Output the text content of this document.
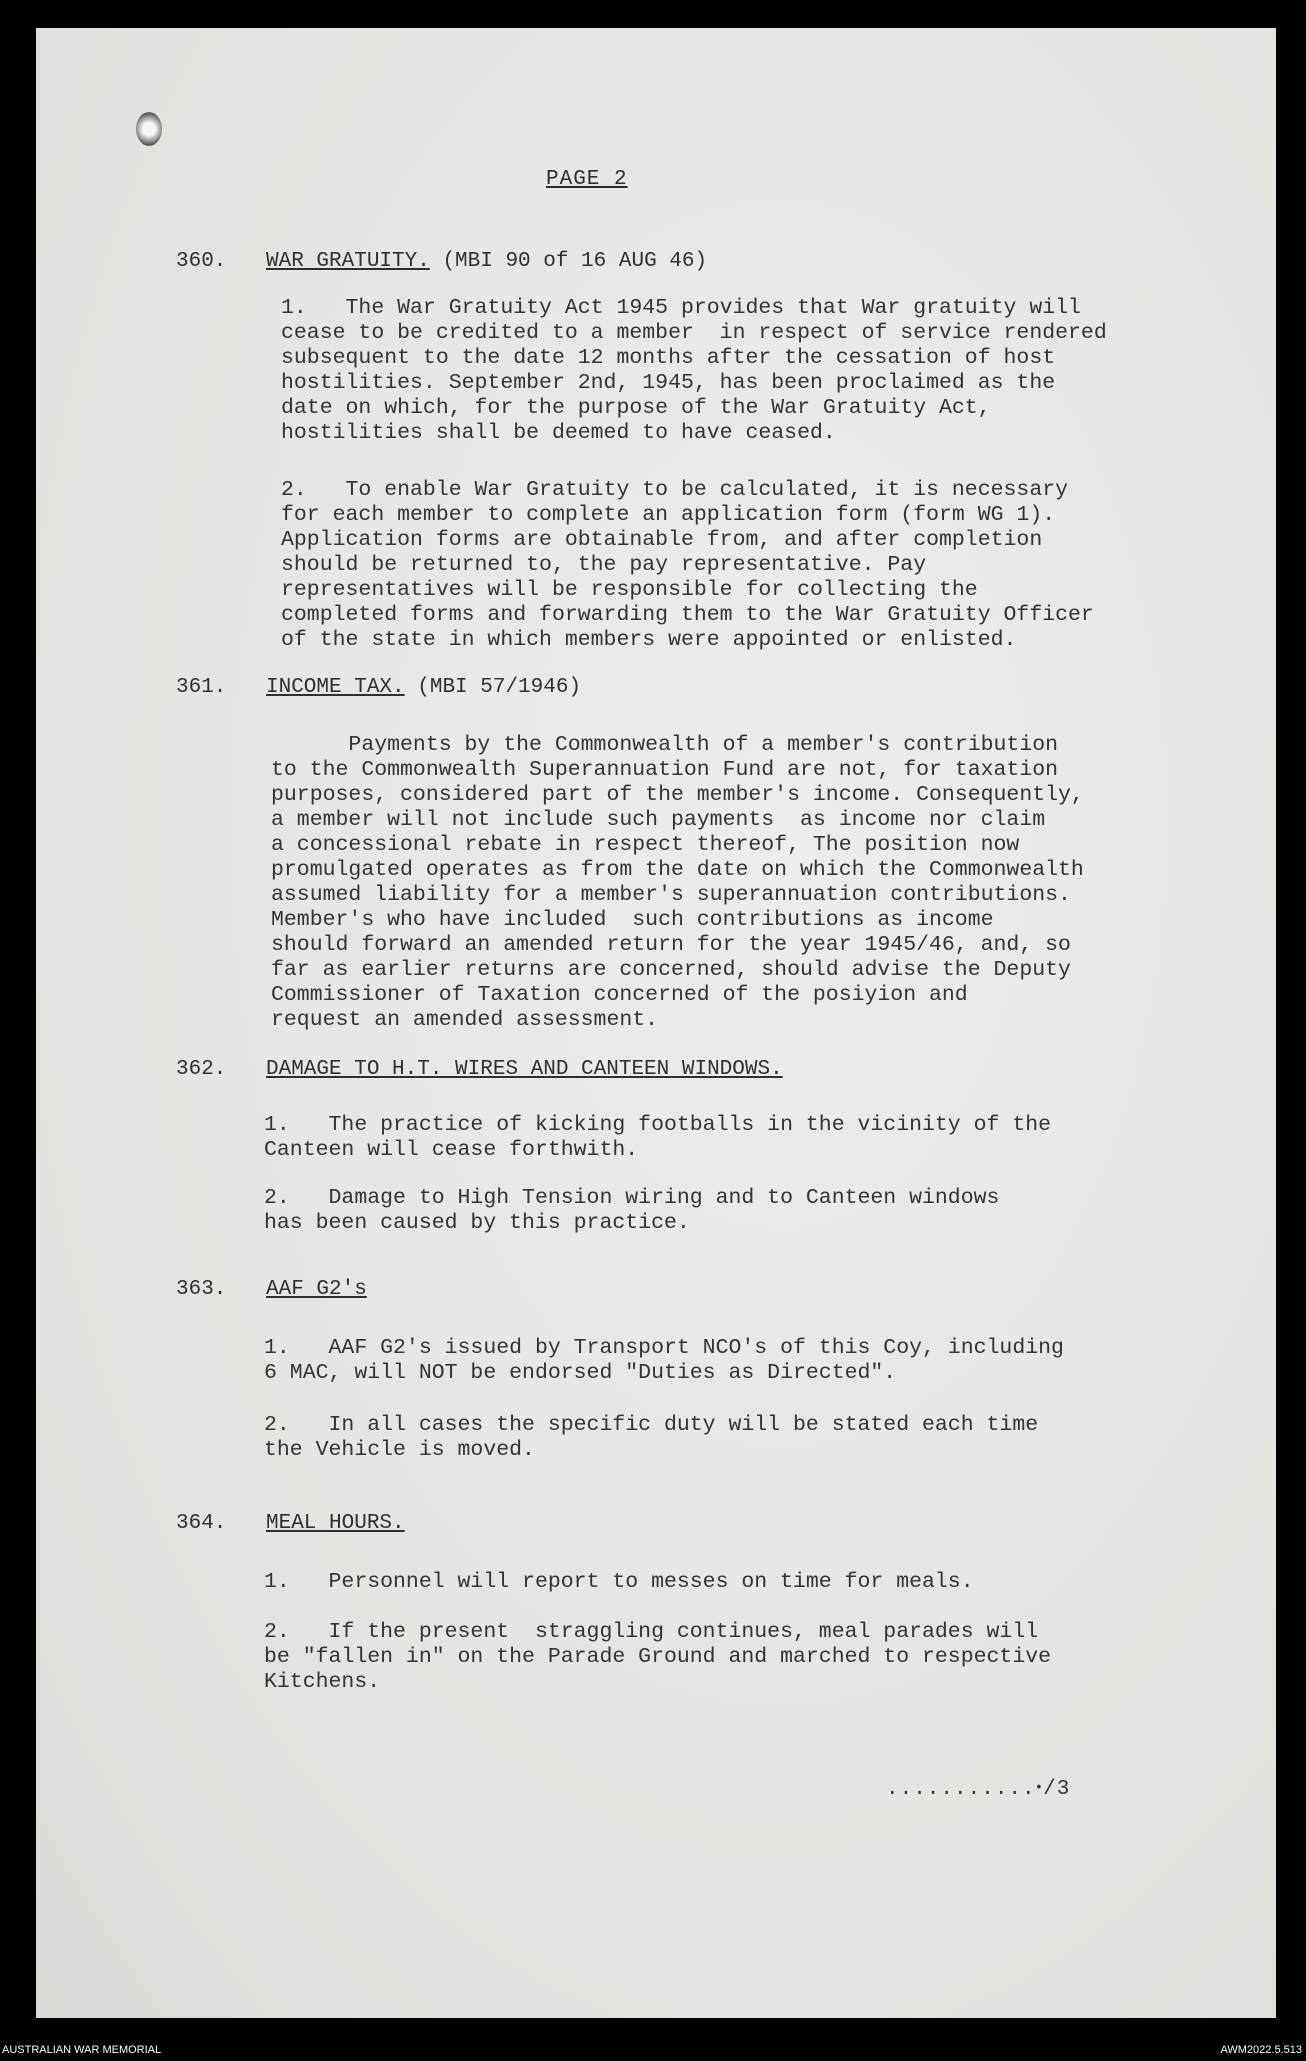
PAGE 2
360. WAR GRATUITY. (MBI 90 of 16 AUG 46)
1.   The War Gratuity Act 1945 provides that War gratuity will
cease to be credited to a member  in respect of service rendered
subsequent to the date 12 months after the cessation of host
hostilities. September 2nd, 1945, has been proclaimed as the
date on which, for the purpose of the War Gratuity Act,
hostilities shall be deemed to have ceased.
2.   To enable War Gratuity to be calculated, it is necessary
for each member to complete an application form (form WG 1).
Application forms are obtainable from, and after completion
should be returned to, the pay representative. Pay
representatives will be responsible for collecting the
completed forms and forwarding them to the War Gratuity Officer
of the state in which members were appointed or enlisted.
361. INCOME TAX. (MBI 57/1946)
Payments by the Commonwealth of a member's contribution
to the Commonwealth Superannuation Fund are not, for taxation
purposes, considered part of the member's income. Consequently,
a member will not include such payments  as income nor claim
a concessional rebate in respect thereof, The position now
promulgated operates as from the date on which the Commonwealth
assumed liability for a member's superannuation contributions.
Member's who have included  such contributions as income
should forward an amended return for the year 1945/46, and, so
far as earlier returns are concerned, should advise the Deputy
Commissioner of Taxation concerned of the posiyion and
request an amended assessment.
362. DAMAGE TO H.T. WIRES AND CANTEEN WINDOWS.
1.   The practice of kicking footballs in the vicinity of the
Canteen will cease forthwith.
2.   Damage to High Tension wiring and to Canteen windows
has been caused by this practice.
363. AAF G2's
1.   AAF G2's issued by Transport NCO's of this Coy, including
6 MAC, will NOT be endorsed "Duties as Directed".
2.   In all cases the specific duty will be stated each time
the Vehicle is moved.
364. MEAL HOURS.
1.   Personnel will report to messes on time for meals.
2.   If the present  straggling continues, meal parades will
be "fallen in" on the Parade Ground and marched to respective
Kitchens.
...........ꞏ/3
AUSTRALIAN WAR MEMORIAL	AWM2022.5.513
